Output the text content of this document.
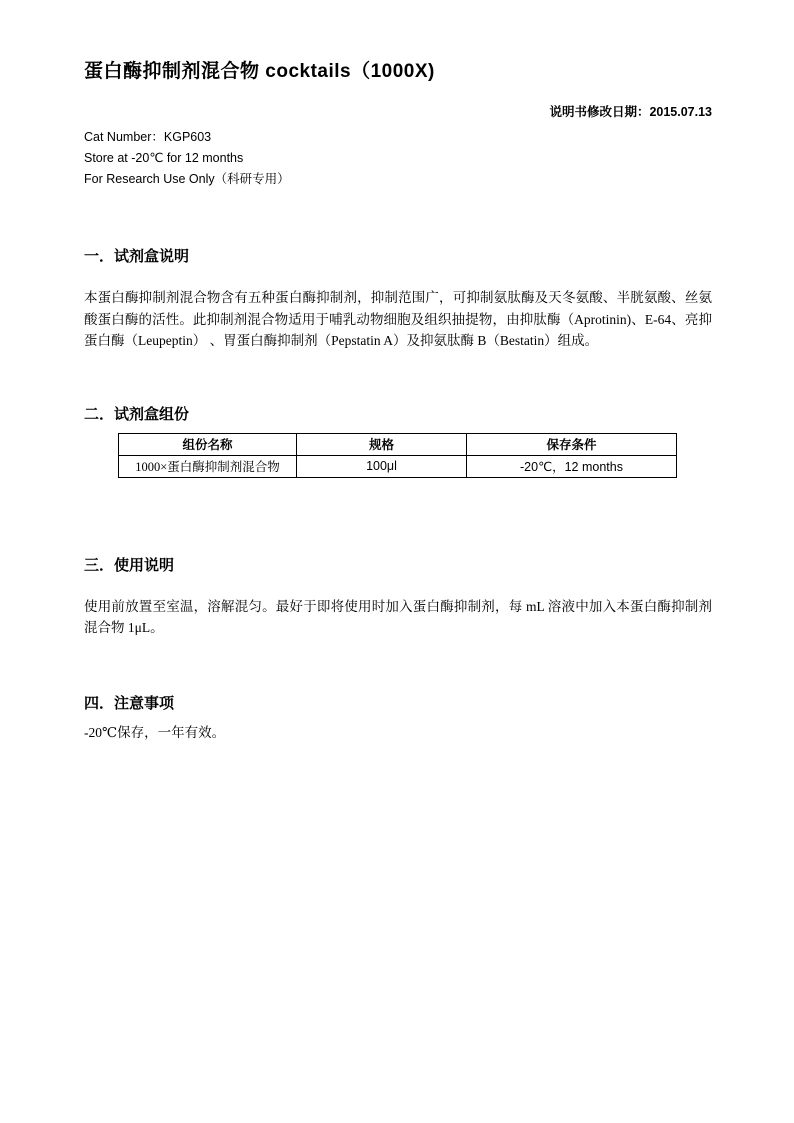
蛋白酶抑制剂混合物 cocktails（1000X)
说明书修改日期：2015.07.13
Cat Number：KGP603
Store at -20℃ for 12 months
For Research Use Only（科研专用）
一．试剂盒说明

本蛋白酶抑制剂混合物含有五种蛋白酶抑制剂，抑制范围广，可抑制氨肽酶及天冬氨酸、半胱氨酸、丝氨酸蛋白酶的活性。此抑制剂混合物适用于哺乳动物细胞及组织抽提物，由抑肽酶（Aprotinin)、E-64、亮抑蛋白酶（Leupeptin） 、胃蛋白酶抑制剂（Pepstatin A）及抑氨肽酶 B（Bestatin）组成。

二．试剂盒组份
组份名称	规格	保存条件
1000×蛋白酶抑制剂混合物	100μl	-20℃，12 months
三．使用说明

使用前放置至室温，溶解混匀。最好于即将使用时加入蛋白酶抑制剂，每 mL 溶液中加入本蛋白酶抑制剂混合物 1μL。

四．注意事项

-20℃保存，一年有效。
